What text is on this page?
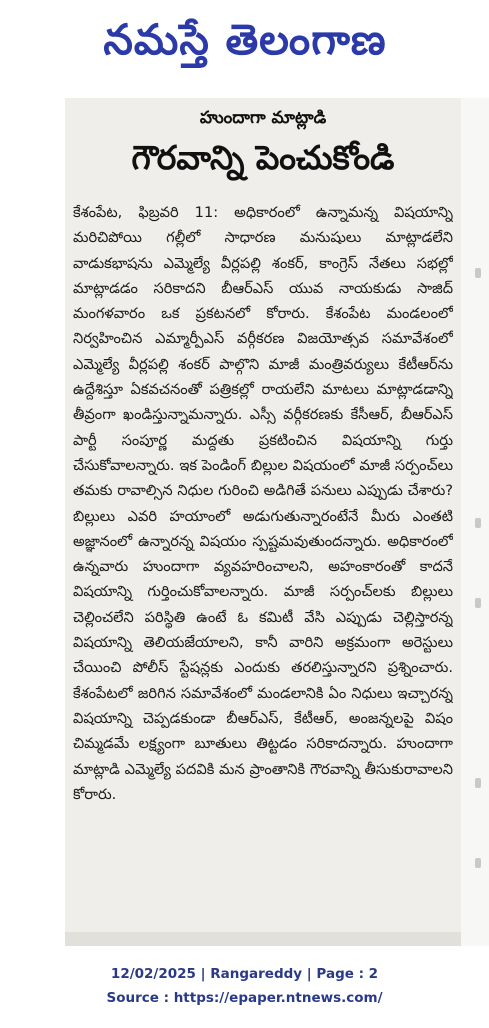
నమస్తే తెలంగాణ
హుందాగా మాట్లాడి
గౌరవాన్ని పెంచుకోండి
కేశంపేట, ఫిబ్రవరి 11: అధికారంలో ఉన్నామన్న విషయాన్ని మరిచిపోయి గల్లీలో సాధారణ మనుషులు మాట్లాడలేని వాడుకభాషను ఎమ్మెల్యే వీర్లపల్లి శంకర్, కాంగ్రెస్ నేతలు సభల్లో మాట్లాడడం సరికాదని బీఆర్ఎస్ యువ నాయకుడు సాజిద్ మంగళవారం ఒక ప్రకటనలో కోరారు. కేశంపేట మండలంలో నిర్వహించిన ఎమ్మార్పీఎస్ వర్గీకరణ విజయోత్సవ సమావేశంలో ఎమ్మెల్యే వీర్లపల్లి శంకర్ పాల్గొని మాజీ మంత్రివర్యులు కేటీఆర్‌ను ఉద్దేశిస్తూ ఏకవచనంతో పత్రికల్లో రాయలేని మాటలు మాట్లాడడాన్ని తీవ్రంగా ఖండిస్తున్నామన్నారు. ఎస్సీ వర్గీకరణకు కేసీఆర్, బీఆర్ఎస్ పార్టీ సంపూర్ణ మద్దతు ప్రకటించిన విషయాన్ని గుర్తు చేసుకోవాలన్నారు. ఇక పెండింగ్ బిల్లుల విషయంలో మాజీ సర్పంచ్‌లు తమకు రావాల్సిన నిధుల గురించి అడిగితే పనులు ఎప్పుడు చేశారు? బిల్లులు ఎవరి హయాంలో అడుగుతున్నారంటేనే మీరు ఎంతటి అజ్ఞానంలో ఉన్నారన్న విషయం స్పష్టమవుతుందన్నారు. అధికారంలో ఉన్నవారు హుందాగా వ్యవహరించాలని, అహంకారంతో కాదనే విషయాన్ని గుర్తించుకోవాలన్నారు. మాజీ సర్పంచ్‌లకు బిల్లులు చెల్లించలేని పరిస్థితి ఉంటే ఓ కమిటీ వేసి ఎప్పుడు చెల్లిస్తారన్న విషయాన్ని తెలియజేయాలని, కానీ వారిని అక్రమంగా అరెస్టులు చేయించి పోలీస్ స్టేషన్లకు ఎందుకు తరలిస్తున్నారని ప్రశ్నించారు. కేశంపేటలో జరిగిన సమావేశంలో మండలానికి ఏం నిధులు ఇచ్చారన్న విషయాన్ని చెప్పడకుండా బీఆర్ఎస్, కేటీఆర్, అంజన్నలపై విషం చిమ్మడమే లక్ష్యంగా బూతులు తిట్టడం సరికాదన్నారు. హుందాగా మాట్లాడి ఎమ్మెల్యే పదవికి మన ప్రాంతానికి గౌరవాన్ని తీసుకురావాలని కోరారు.
12/02/2025 | Rangareddy | Page : 2
Source : https://epaper.ntnews.com/
